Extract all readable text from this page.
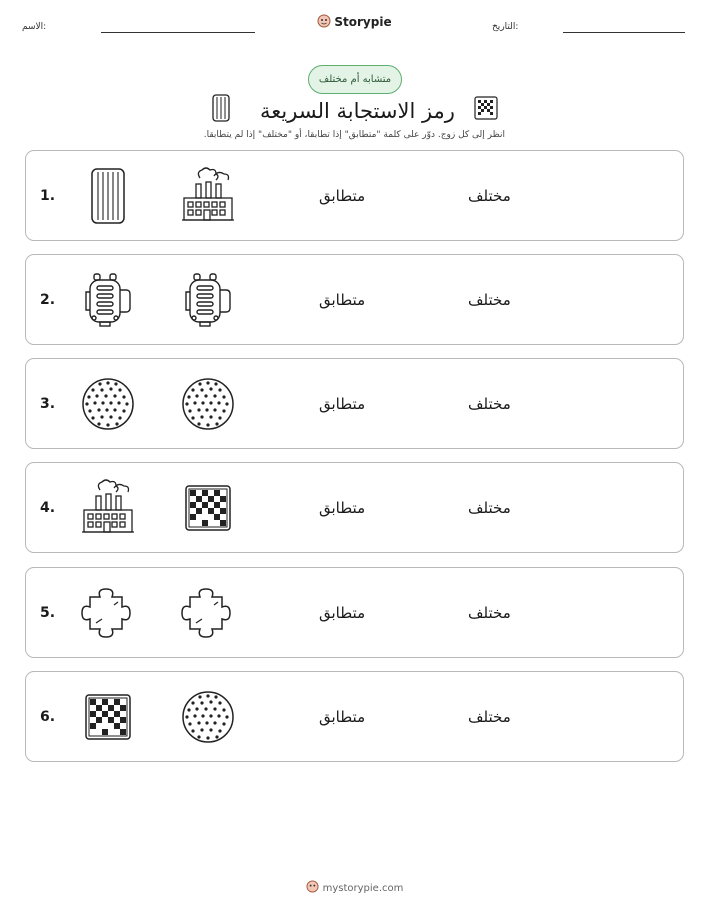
الاسم:	التاريخ:
Storypie
متشابه أم مختلف
رمز الاستجابة السريعة
انظر إلى كل زوج. دوّر على كلمة "متطابق" إذا تطابقا، أو "مختلف" إذا لم يتطابقا.
1.	متطابق	مختلف
2.	متطابق	مختلف
3.	متطابق	مختلف
4.	متطابق	مختلف
5.	متطابق	مختلف
6.	متطابق	مختلف
mystorypie.com
